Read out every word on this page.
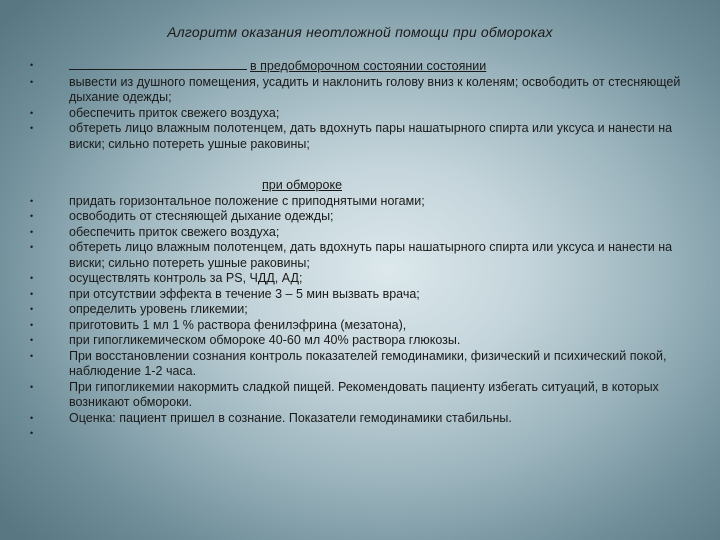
Алгоритм оказания неотложной помощи при обмороках
•	в предобморочном состоянии состоянии
•	вывести из душного помещения, усадить и наклонить голову вниз к коленям; освободить от стесняющей дыхание одежды;
•	обеспечить приток свежего воздуха;
•	обтереть лицо влажным полотенцем, дать вдохнуть пары нашатырного спирта или уксуса и нанести на виски; сильно потереть ушные раковины;
при обмороке
•	придать горизонтальное положение с приподнятыми ногами;
•	освободить от стесняющей дыхание одежды;
•	обеспечить приток свежего воздуха;
•	обтереть лицо влажным полотенцем, дать вдохнуть пары нашатырного спирта или уксуса и нанести на виски; сильно потереть ушные раковины;
•	осуществлять контроль за PS, ЧДД, АД;
•	при отсутствии эффекта в течение 3 – 5 мин вызвать врача;
•	определить уровень гликемии;
•	приготовить 1 мл 1 % раствора фенилэфрина (мезатона),
•	при гипогликемическом обмороке 40-60 мл 40% раствора глюкозы.
•	При восстановлении сознания контроль показателей гемодинамики, физический и психический покой, наблюдение 1-2 часа.
•	При гипогликемии накормить сладкой пищей. Рекомендовать пациенту избегать ситуаций, в которых возникают обмороки.
•	Оценка: пациент пришел в сознание. Показатели гемодинамики стабильны.
•
